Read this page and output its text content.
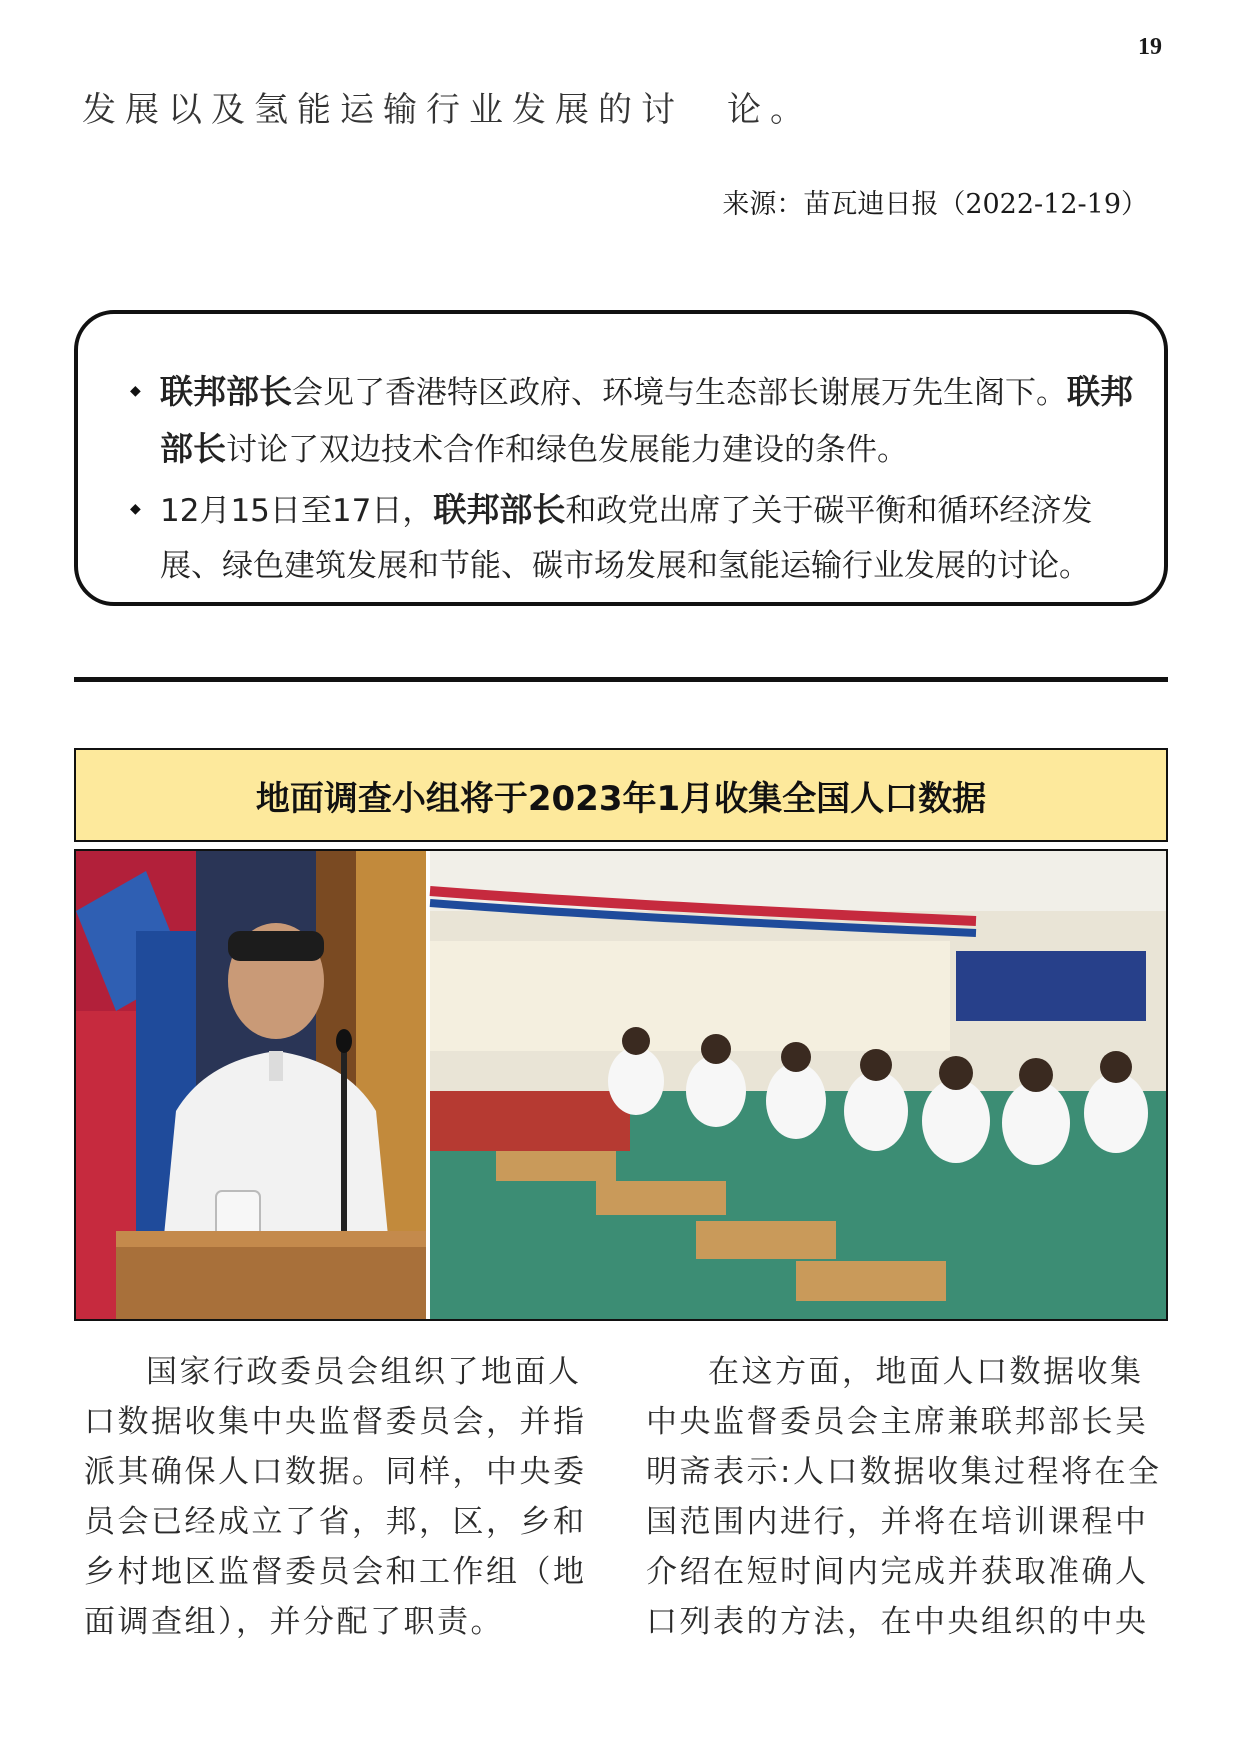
19
发展以及氢能运输行业发展的讨　论。
来源：苗瓦迪日报（2022-12-19）
◆ 联邦部长会见了香港特区政府、环境与生态部长谢展万先生阁下。联邦部长讨论了双边技术合作和绿色发展能力建设的条件。
◆ 12月15日至17日，联邦部长和政党出席了关于碳平衡和循环经济发展、绿色建筑发展和节能、碳市场发展和氢能运输行业发展的讨论。
地面调查小组将于2023年1月收集全国人口数据

国家行政委员会组织了地面人口数据收集中央监督委员会，并指派其确保人口数据。同样，中央委员会已经成立了省，邦，区，乡和乡村地区监督委员会和工作组（地面调查组），并分配了职责。

在这方面，地面人口数据收集中央监督委员会主席兼联邦部长吴明斋表示:人口数据收集过程将在全国范围内进行，并将在培训课程中介绍在短时间内完成并获取准确人口列表的方法，在中央组织的中央
